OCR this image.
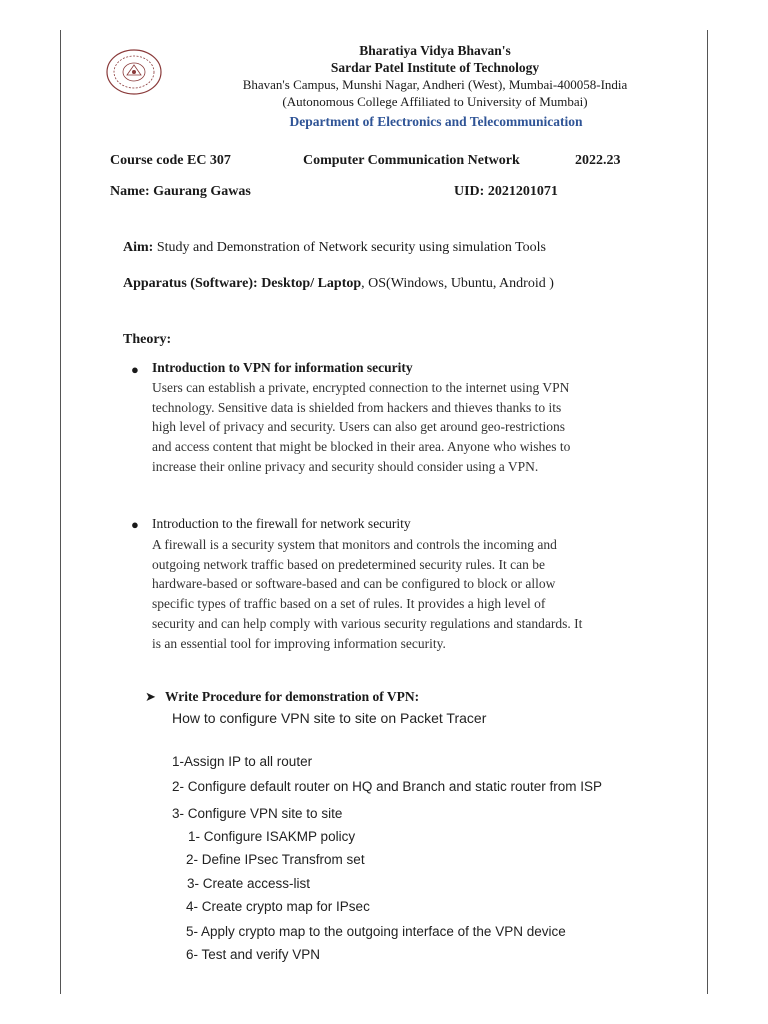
Bharatiya Vidya Bhavan's
Sardar Patel Institute of Technology
Bhavan's Campus, Munshi Nagar, Andheri (West), Mumbai-400058-India
(Autonomous College Affiliated to University of Mumbai)
Department of Electronics and Telecommunication
Course code EC 307	Computer Communication Network	2022.23
Name: Gaurang Gawas	UID: 2021201071
Aim: Study and Demonstration of Network security using simulation Tools
Apparatus (Software): Desktop/ Laptop, OS(Windows, Ubuntu, Android )
Theory:
● Introduction to VPN for information security
Users can establish a private, encrypted connection to the internet using VPN
technology. Sensitive data is shielded from hackers and thieves thanks to its
high level of privacy and security. Users can also get around geo-restrictions
and access content that might be blocked in their area. Anyone who wishes to
increase their online privacy and security should consider using a VPN.
● Introduction to the firewall for network security
A firewall is a security system that monitors and controls the incoming and
outgoing network traffic based on predetermined security rules. It can be
hardware-based or software-based and can be configured to block or allow
specific types of traffic based on a set of rules. It provides a high level of
security and can help comply with various security regulations and standards. It
is an essential tool for improving information security.
➤ Write Procedure for demonstration of VPN:
How to configure VPN site to site on Packet Tracer
1-Assign IP to all router
2- Configure default router on HQ and Branch and static router from ISP
3- Configure VPN site to site
1- Configure ISAKMP policy
2- Define IPsec Transfrom set
3- Create access-list
4- Create crypto map for IPsec
5- Apply crypto map to the outgoing interface of the VPN device
6- Test and verify VPN
